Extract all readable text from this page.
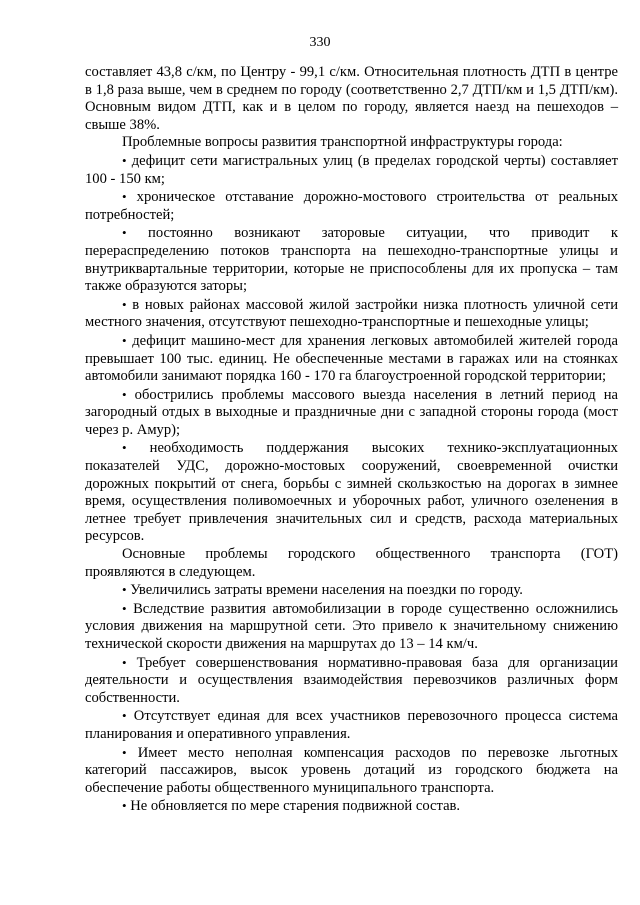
330

составляет 43,8 с/км, по Центру - 99,1 с/км. Относительная плотность ДТП в центре в 1,8 раза выше, чем в среднем по городу (соответственно 2,7 ДТП/км и 1,5 ДТП/км). Основным видом ДТП, как и в целом по городу, является наезд на пешеходов – свыше 38%.

Проблемные вопросы развития транспортной инфраструктуры города:

• дефицит сети магистральных улиц (в пределах городской черты) составляет 100 - 150 км;

• хроническое отставание дорожно-мостового строительства от реальных потребностей;

• постоянно возникают заторовые ситуации, что приводит к перераспределению потоков транспорта на пешеходно-транспортные улицы и внутриквартальные территории, которые не приспособлены для их пропуска – там также образуются заторы;

• в новых районах массовой жилой застройки низка плотность уличной сети местного значения, отсутствуют пешеходно-транспортные и пешеходные улицы;

• дефицит машино-мест для хранения легковых автомобилей жителей города превышает 100 тыс. единиц. Не обеспеченные местами в гаражах или на стоянках автомобили занимают порядка 160 - 170 га благоустроенной городской территории;

• обострились проблемы массового выезда населения в летний период на загородный отдых в выходные и праздничные дни с западной стороны города (мост через р. Амур);

• необходимость поддержания высоких технико-эксплуатационных показателей УДС, дорожно-мостовых сооружений, своевременной очистки дорожных покрытий от снега, борьбы с зимней скользкостью на дорогах в зимнее время, осуществления поливомоечных и уборочных работ, уличного озеленения в летнее требует привлечения значительных сил и средств, расхода материальных ресурсов.

Основные проблемы городского общественного транспорта (ГОТ) проявляются в следующем.

• Увеличились затраты времени населения на поездки по городу.

• Вследствие развития автомобилизации в городе существенно осложнились условия движения на маршрутной сети. Это привело к значительному снижению технической скорости движения на маршрутах до 13 – 14 км/ч.

• Требует совершенствования нормативно-правовая база для организации деятельности и осуществления взаимодействия перевозчиков различных форм собственности.

• Отсутствует единая для всех участников перевозочного процесса система планирования и оперативного управления.

• Имеет место неполная компенсация расходов по перевозке льготных категорий пассажиров, высок уровень дотаций из городского бюджета на обеспечение работы общественного муниципального транспорта.

• Не обновляется по мере старения подвижной состав.
